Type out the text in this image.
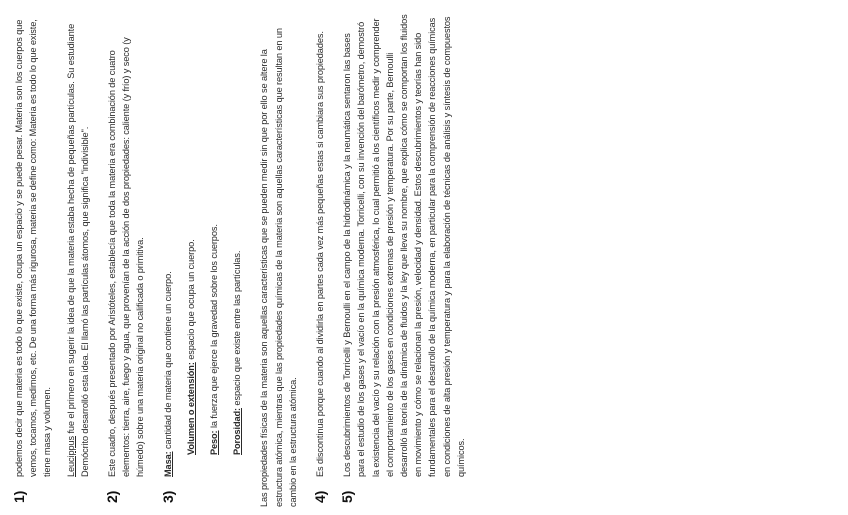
1)

podemos decir que materia es todo lo que existe, ocupa un espacio y se puede pesar. Materia son los cuerpos que vemos, tocamos, medimos, etc. De una forma más rigurosa, materia se define como: Materia es todo lo que existe, tiene masa y volumen. Leucippus fue el primero en sugerir la idea de que la materia estaba hecha de pequeñas partículas. Su estudiante Demócrito desarrolló esta idea. El llamó las partículas átomos, que significa "indivisible".

2)

Este cuadro, después presentado por Aristóteles, establecía que toda la materia era combinación de cuatro elementos: tierra, aire, fuego y agua, que provenían de la acción de dos propiedades: caliente (y frío) y seco (y húmedo) sobre una materia original no calificada o primitiva.

3)

Masa: cantidad de materia que contiene un cuerpo. Volumen o extensión: espacio que ocupa un cuerpo.

Peso: la fuerza que ejerce la gravedad sobre los cuerpos.

Porosidad: espacio que existe entre las partículas. Las propiedades físicas de la materia son aquellas características que se pueden medir sin que por ello se altere la estructura atómica, mientras que las propiedades químicas de la materia son aquellas características que resultan en un cambio en la estructura atómica. 4)

Es discontinua porque cuando al dividirla en partes cada vez más pequeñas estas si cambiara sus propiedades.

5)

Los descubrimientos de Torricelli y Bernoulli en el campo de la hidrodinámica y la neumática sentaron las bases para el estudio de los gases y el vacío en la química moderna. Torricelli, con su invención del barómetro, demostró la existencia del vacío y su relación con la presión atmosférica, lo cual permitió a los científicos medir y comprender el comportamiento de los gases en condiciones extremas de presión y temperatura. Por su parte, Bernoulli desarrolló la teoría de la dinámica de fluidos y la ley que lleva su nombre, que explica cómo se comportan los fluidos en movimiento y cómo se relacionan la presión, velocidad y densidad. Estos descubrimientos y teorías han sido fundamentales para el desarrollo de la química moderna, en particular para la comprensión de reacciones químicas en condiciones de alta presión y temperatura y para la elaboración de técnicas de análisis y síntesis de compuestos químicos.
